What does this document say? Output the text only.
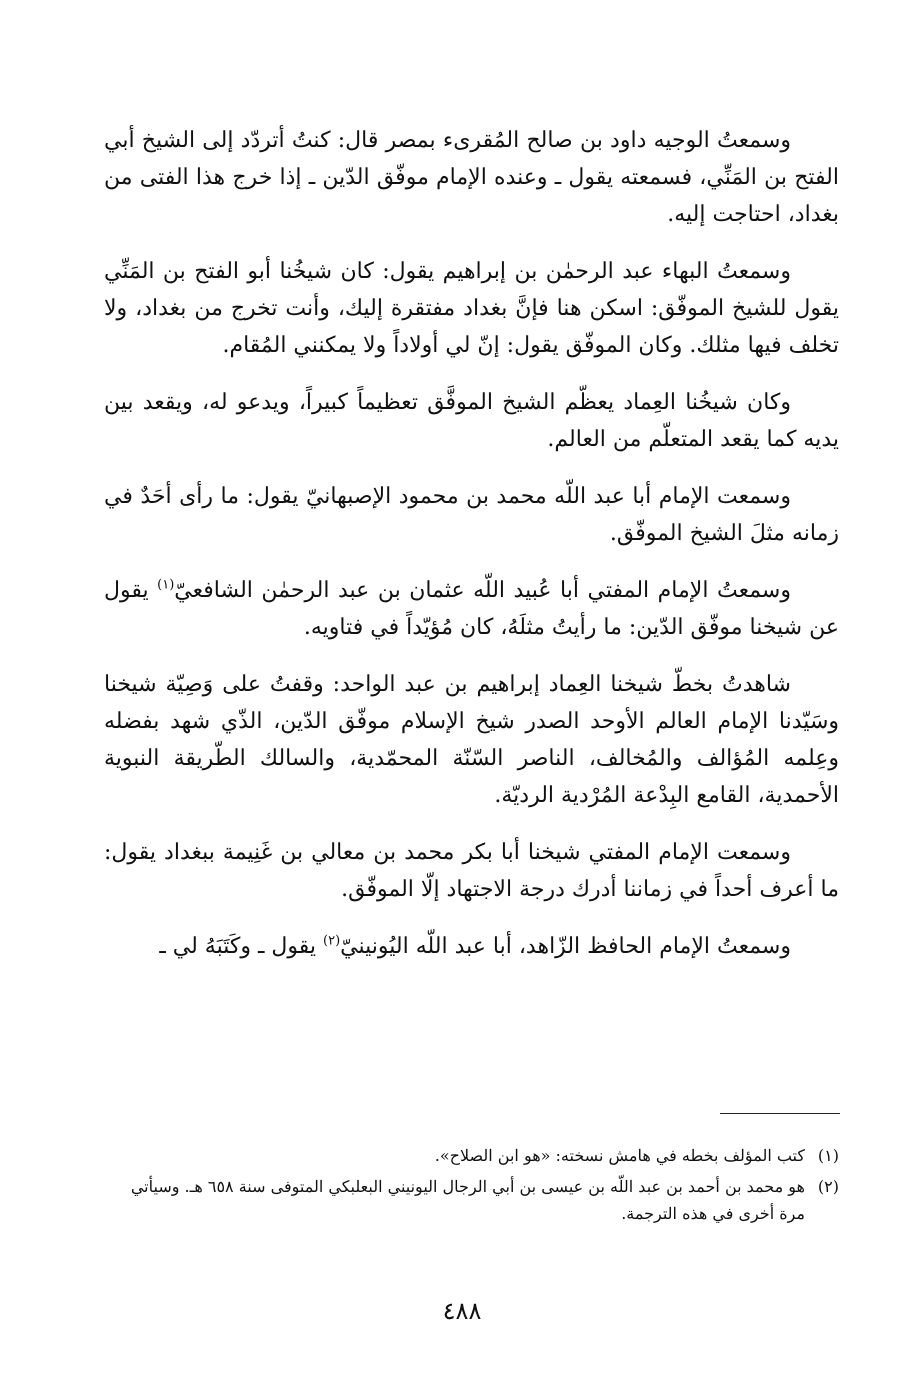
وسمعتُ الوجيه داود بن صالح المُقرىء بمصر قال: كنتُ أتردّد إلى الشيخ أبي الفتح بن المَنِّي، فسمعته يقول ـ وعنده الإمام موفّق الدّين ـ إذا خرج هذا الفتى من بغداد، احتاجت إليه.

وسمعتُ البهاء عبد الرحمٰن بن إبراهيم يقول: كان شيخُنا أبو الفتح بن المَنِّي يقول للشيخ الموفّق: اسكن هنا فإنَّ بغداد مفتقرة إليك، وأنت تخرج من بغداد، ولا تخلف فيها مثلك. وكان الموفّق يقول: إنّ لي أولاداً ولا يمكنني المُقام.

وكان شيخُنا العِماد يعظّم الشيخ الموفَّق تعظيماً كبيراً، ويدعو له، ويقعد بين يديه كما يقعد المتعلّم من العالم.

وسمعت الإمام أبا عبد اللّه محمد بن محمود الإصبهانيّ يقول: ما رأى أحَدٌ في زمانه مثلَ الشيخ الموفّق.

وسمعتُ الإمام المفتي أبا عُبيد اللّه عثمان بن عبد الرحمٰن الشافعيّ$^{(١)}$ يقول عن شيخنا موفّق الدّين: ما رأيتُ مثلَهُ، كان مُؤيّداً في فتاويه.

شاهدتُ بخطّ شيخنا العِماد إبراهيم بن عبد الواحد: وقفتُ على وَصِيّة شيخنا وسَيّدنا الإمام العالم الأوحد الصدر شيخ الإسلام موفّق الدّين، الذّي شهد بفضله وعِلمه المُؤالف والمُخالف، الناصر السّنّة المحمّدية، والسالك الطّريقة النبوية الأحمدية، القامع البِدْعة المُرْدية الرديّة.

وسمعت الإمام المفتي شيخنا أبا بكر محمد بن معالي بن غَنِيمة ببغداد يقول: ما أعرف أحداً في زماننا أدرك درجة الاجتهاد إلّا الموفّق.

وسمعتُ الإمام الحافظ الزّاهد، أبا عبد اللّه اليُونينيّ$^{(٢)}$ يقول ـ وكَتَبَهُ لي ـ

(١)
كتب المؤلف بخطه في هامش نسخته: «هو ابن الصلاح».
(٢)
هو محمد بن أحمد بن عبد اللّه بن عيسى بن أبي الرجال اليونيني البعلبكي المتوفى سنة ٦٥٨ هـ. وسيأتي مرة أخرى في هذه الترجمة.
٤٨٨
